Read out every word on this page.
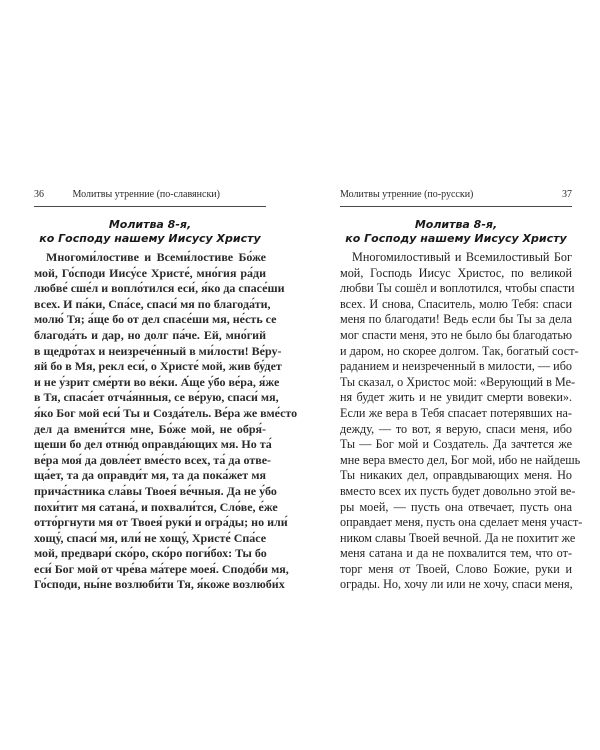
36	Молитвы утренние (по-славянски)
Молитва 8-я,
ко Господу нашему Иисусу Христу
Многоми́лостиве и Всеми́лостиве Бо́же
мой, Го́споди Иису́се Христе́, мно́гия ра́ди
любве́ сше́л и вопло́тился еси́, я́ко да спасе́ши
всех. И па́ки, Спа́се, спаси́ мя по благода́ти,
молю́ Тя; а́ще бо от дел спасе́ши мя, не́сть се
благода́ть и дар, но долг па́че. Ей, мно́гий
в щедро́тах и неизрече́нный в ми́лости! Ве́ру-
яй бо в Мя, рекл еси́, о Христе́ мой, жив бу́дет
и не у́зрит сме́рти во ве́ки. А́ще у́бо ве́ра, я́же
в Тя, спаса́ет отча́янныя, се ве́рую, спаси́ мя,
я́ко Бог мой еси́ Ты и Созда́тель. Ве́ра же вме́сто
дел да вмени́тся мне, Бо́же мой, не обря́-
щеши бо дел отню́д оправда́ющих мя. Но та́
ве́ра моя́ да довле́ет вме́сто всех, та́ да отве-
ща́ет, та да оправди́т мя, та да пока́жет мя
прича́стника сла́вы Твоея́ ве́чныя. Да не у́бо
похи́тит мя сатана́, и похвали́тся, Сло́ве, е́же
отто́ргнути мя от Твоея́ руки́ и огра́ды; но или́
хощу́, спаси́ мя, или́ не хощу́, Христе́ Спа́се
мой, предвари́ ско́ро, ско́ро поги́бох: Ты бо
еси́ Бог мой от чре́ва ма́тере моея́. Сподо́би мя,
Го́споди, ны́не возлюби́ти Тя, я́коже возлюби́х
Молитвы утренние (по-русски)	37
Молитва 8-я,
ко Господу нашему Иисусу Христу
Многомилостивый и Всемилостивый Бог
мой, Господь Иисус Христос, по великой
любви Ты сошёл и воплотился, чтобы спасти
всех. И снова, Спаситель, молю Тебя: спаси
меня по благодати! Ведь если бы Ты за дела
мог спасти меня, это не было бы благодатью
и даром, но скорее долгом. Так, богатый сост-
раданием и неизреченный в милости, — ибо
Ты сказал, о Христос мой: «Верующий в Ме-
ня будет жить и не увидит смерти вовеки».
Если же вера в Тебя спасает потерявших на-
дежду, — то вот, я верую, спаси меня, ибо
Ты — Бог мой и Создатель. Да зачтется же
мне вера вместо дел, Бог мой, ибо не найдешь
Ты никаких дел, оправдывающих меня. Но
вместо всех их пусть будет довольно этой ве-
ры моей, — пусть она отвечает, пусть она
оправдает меня, пусть она сделает меня участ-
ником славы Твоей вечной. Да не похитит же
меня сатана и да не похвалится тем, что от-
торг меня от Твоей, Слово Божие, руки и
ограды. Но, хочу ли или не хочу, спаси меня,
